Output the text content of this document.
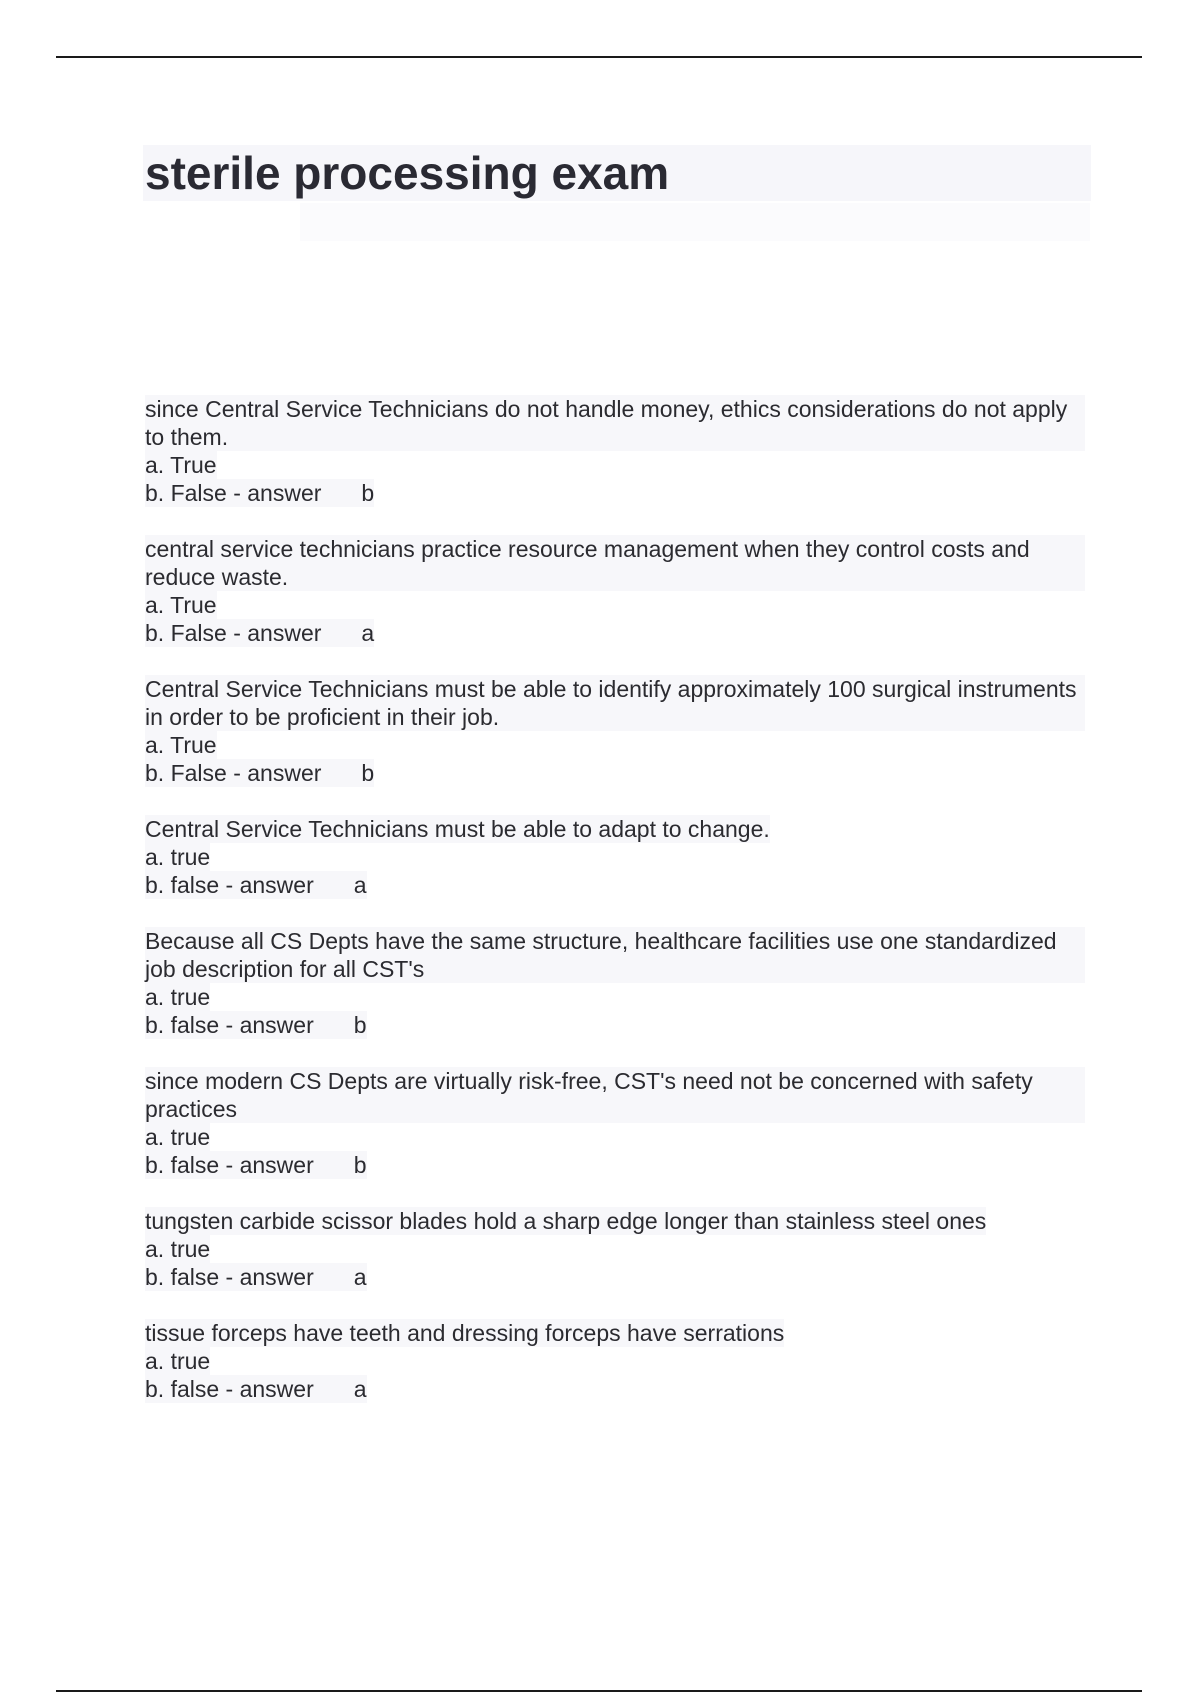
sterile processing exam
since Central Service Technicians do not handle money, ethics considerations do not apply to them.
a. True
b. False - answer b
central service technicians practice resource management when they control costs and reduce waste.
a. True
b. False - answer a
Central Service Technicians must be able to identify approximately 100 surgical instruments in order to be proficient in their job.
a. True
b. False - answer b
Central Service Technicians must be able to adapt to change.
a. true
b. false - answer a
Because all CS Depts have the same structure, healthcare facilities use one standardized job description for all CST's
a. true
b. false - answer b
since modern CS Depts are virtually risk-free, CST's need not be concerned with safety practices
a. true
b. false - answer b
tungsten carbide scissor blades hold a sharp edge longer than stainless steel ones
a. true
b. false - answer a
tissue forceps have teeth and dressing forceps have serrations
a. true
b. false - answer a
